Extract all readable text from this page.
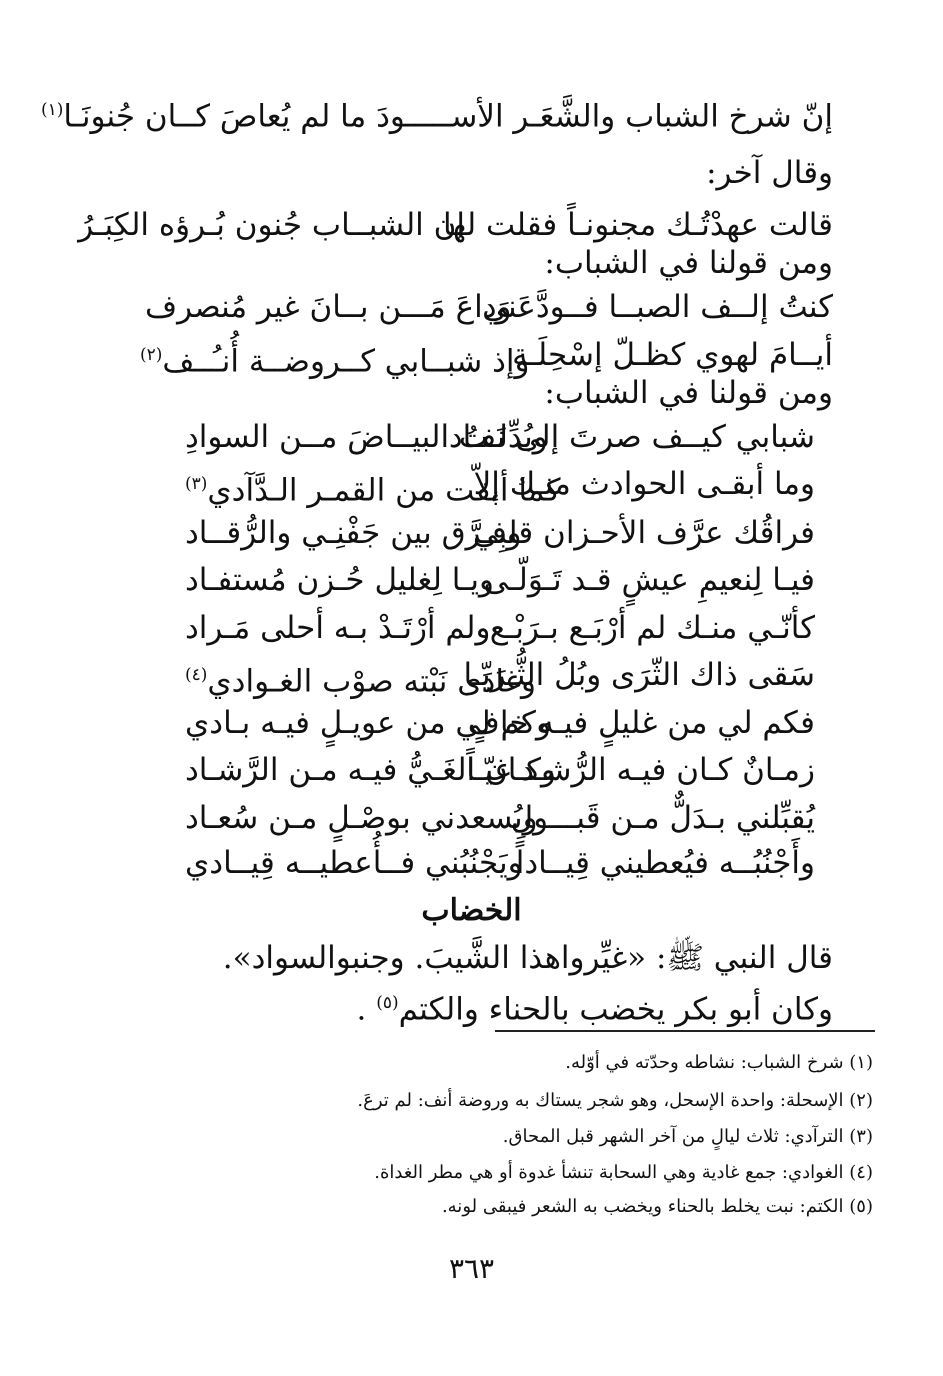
إنّ شرخ الشباب والشَّعَـر الأســـــودَ ما لم يُعاصَ كــان جُنونَـا$^{(١)}$
وقال آخر:
قالت عهدْتُـك مجنونـاً فقلت لها
إن الشبــاب جُنون بُـرؤه الكِبَـرُ
ومن قولنا في الشباب:
كنتُ إلــف الصبــا فــودَّعَني
وَداعَ مَـــن بــانَ غير مُنصرف
أيــامَ لهوي كظـلّ إسْحِلَـة
وإذ شبــابي كــروضــة أُنـُــف$^{(٢)}$
ومن قولنا في الشباب:
شبابي كيــف صرتَ إلى نَفـاد
وبُدِّلـتُ البيــاضَ مــن السوادِ
وما أبقـى الحوادث منـك إلاّ
كما أبقت من القمـر الـدَّآدي$^{(٣)}$
فراقُك عرَّف الأحـزان قلبِي
وفـرَّق بين جَفْنِـي والرُّقــاد
فيـا لِنعيمِ عيشٍ قـد تَـوَلّـى
ويـا لِغليل حُـزن مُستفـاد
كأنّـي منـك لم أرْبَـع بـرَبْـع
ولم أرْتَـدْ بـه أحلى مَـراد
سَقى ذاك الثّرَى وبُلُ الثُّـرَيّـا
وغادَى نَبْته صوْب الغـوادي$^{(٤)}$
فكم لي من غليلٍ فيـه خافٍ
وكم لي من عويـلٍ فيـه بـادي
زمـانٌ كـان فيـه الرُّشـد غيّـاً
وكـان الغَـيُّ فيـه مـن الرَّشـاد
يُقبِّلني بـدَلٌّ مـن قَبـــولِ
ويُسعدني بوصْـلٍ مـن سُعـاد
وأَجْنُبُــه فيُعطيني قِيــاداً
ويَجْنُبُني فــأُعطيــه قِيــادي
الخضاب
قال النبي ﷺ: «غيِّرواهذا الشَّيبَ. وجنبوالسواد».
وكان أبو بكر يخضب بالحناء والكتم$^{(٥)}$ .
(١) شرخ الشباب: نشاطه وحدّته في أوّله.
(٢) الإسحلة: واحدة الإسحل، وهو شجر يستاك به وروضة أنف: لم ترعَ.
(٣) الترآدي: ثلاث ليالٍ من آخر الشهر قبل المحاق.
(٤) الغوادي: جمع غادية وهي السحابة تنشأ غدوة أو هي مطر الغداة.
(٥) الكتم: نبت يخلط بالحناء ويخضب به الشعر فيبقى لونه.
٣٦٣
